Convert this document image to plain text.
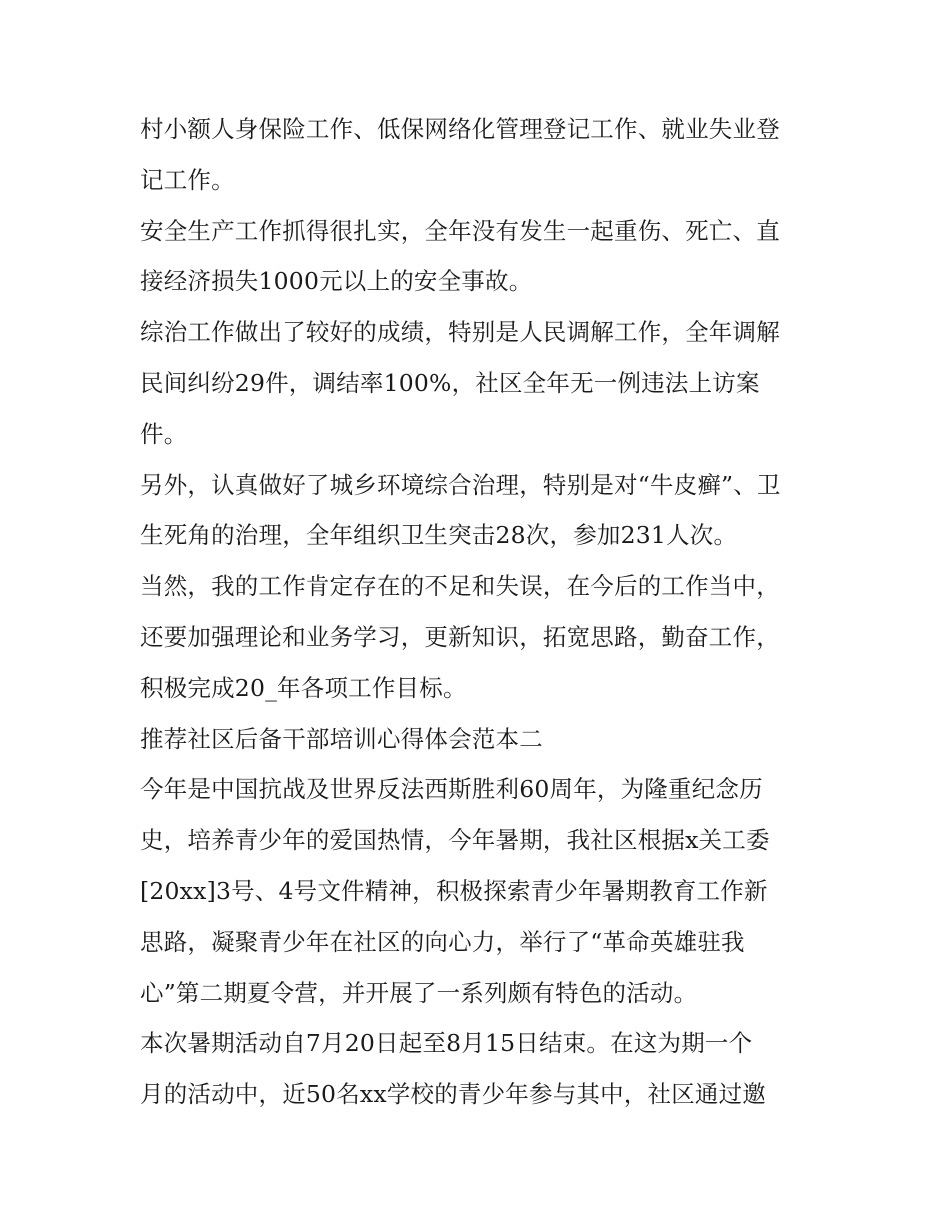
村小额人身保险工作、低保网络化管理登记工作、就业失业登
记工作。
安全生产工作抓得很扎实，全年没有发生一起重伤、死亡、直
接经济损失1000元以上的安全事故。
综治工作做出了较好的成绩，特别是人民调解工作，全年调解
民间纠纷29件，调结率100%，社区全年无一例违法上访案
件。
另外，认真做好了城乡环境综合治理，特别是对“牛皮癣”、卫
生死角的治理，全年组织卫生突击28次，参加231人次。
当然，我的工作肯定存在的不足和失误，在今后的工作当中，
还要加强理论和业务学习，更新知识，拓宽思路，勤奋工作，
积极完成20_年各项工作目标。
推荐社区后备干部培训心得体会范本二
今年是中国抗战及世界反法西斯胜利60周年，为隆重纪念历
史，培养青少年的爱国热情，今年暑期，我社区根据x关工委
[20xx]3号、4号文件精神，积极探索青少年暑期教育工作新
思路，凝聚青少年在社区的向心力，举行了“革命英雄驻我
心”第二期夏令营，并开展了一系列颇有特色的活动。
本次暑期活动自7月20日起至8月15日结束。在这为期一个
月的活动中，近50名xx学校的青少年参与其中，社区通过邀
